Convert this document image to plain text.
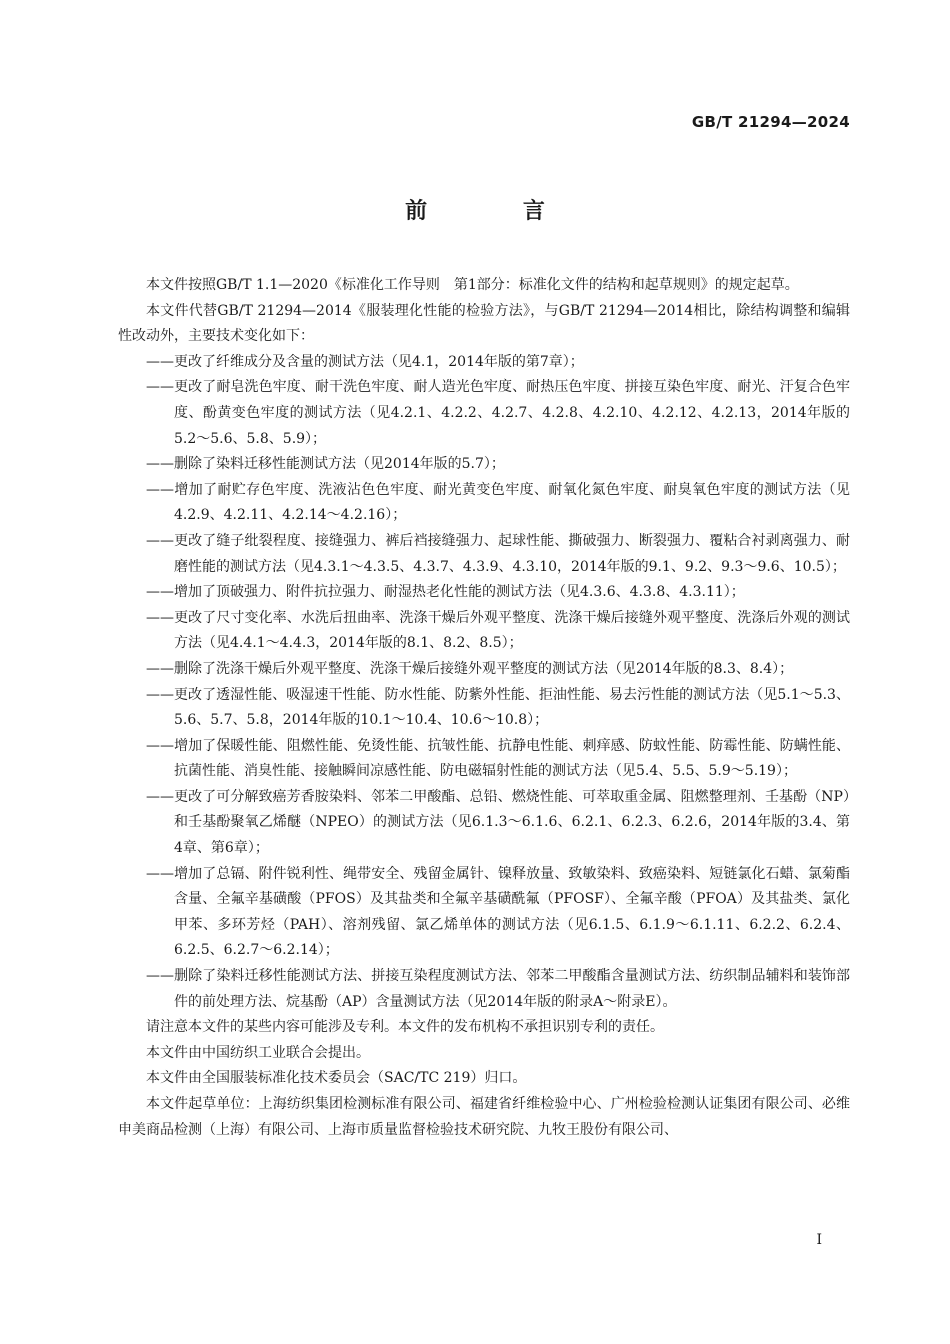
GB/T 21294—2024
前 言

本文件按照GB/T 1.1—2020《标准化工作导则　第1部分：标准化文件的结构和起草规则》的规定起草。

本文件代替GB/T 21294—2014《服装理化性能的检验方法》，与GB/T 21294—2014相比，除结构调整和编辑性改动外，主要技术变化如下：

——更改了纤维成分及含量的测试方法（见4.1，2014年版的第7章）；
——更改了耐皂洗色牢度、耐干洗色牢度、耐人造光色牢度、耐热压色牢度、拼接互染色牢度、耐光、汗复合色牢度、酚黄变色牢度的测试方法（见4.2.1、4.2.2、4.2.7、4.2.8、4.2.10、4.2.12、4.2.13，2014年版的5.2～5.6、5.8、5.9）；
——删除了染料迁移性能测试方法（见2014年版的5.7）；
——增加了耐贮存色牢度、洗液沾色色牢度、耐光黄变色牢度、耐氧化氮色牢度、耐臭氧色牢度的测试方法（见4.2.9、4.2.11、4.2.14～4.2.16）；
——更改了缝子纰裂程度、接缝强力、裤后裆接缝强力、起球性能、撕破强力、断裂强力、覆粘合衬剥离强力、耐磨性能的测试方法（见4.3.1～4.3.5、4.3.7、4.3.9、4.3.10，2014年版的9.1、9.2、9.3～9.6、10.5）；
——增加了顶破强力、附件抗拉强力、耐湿热老化性能的测试方法（见4.3.6、4.3.8、4.3.11）；
——更改了尺寸变化率、水洗后扭曲率、洗涤干燥后外观平整度、洗涤干燥后接缝外观平整度、洗涤后外观的测试方法（见4.4.1～4.4.3，2014年版的8.1、8.2、8.5）；
——删除了洗涤干燥后外观平整度、洗涤干燥后接缝外观平整度的测试方法（见2014年版的8.3、8.4）；
——更改了透湿性能、吸湿速干性能、防水性能、防紫外性能、拒油性能、易去污性能的测试方法（见5.1～5.3、5.6、5.7、5.8，2014年版的10.1～10.4、10.6～10.8）；
——增加了保暖性能、阻燃性能、免烫性能、抗皱性能、抗静电性能、刺痒感、防蚊性能、防霉性能、防螨性能、抗菌性能、消臭性能、接触瞬间凉感性能、防电磁辐射性能的测试方法（见5.4、5.5、5.9～5.19）；
——更改了可分解致癌芳香胺染料、邻苯二甲酸酯、总铅、燃烧性能、可萃取重金属、阻燃整理剂、壬基酚（NP）和壬基酚聚氧乙烯醚（NPEO）的测试方法（见6.1.3～6.1.6、6.2.1、6.2.3、6.2.6，2014年版的3.4、第4章、第6章）；
——增加了总镉、附件锐利性、绳带安全、残留金属针、镍释放量、致敏染料、致癌染料、短链氯化石蜡、氯菊酯含量、全氟辛基磺酸（PFOS）及其盐类和全氟辛基磺酰氟（PFOSF）、全氟辛酸（PFOA）及其盐类、氯化甲苯、多环芳烃（PAH）、溶剂残留、氯乙烯单体的测试方法（见6.1.5、6.1.9～6.1.11、6.2.2、6.2.4、6.2.5、6.2.7～6.2.14）；
——删除了染料迁移性能测试方法、拼接互染程度测试方法、邻苯二甲酸酯含量测试方法、纺织制品辅料和装饰部件的前处理方法、烷基酚（AP）含量测试方法（见2014年版的附录A～附录E）。

请注意本文件的某些内容可能涉及专利。本文件的发布机构不承担识别专利的责任。

本文件由中国纺织工业联合会提出。

本文件由全国服装标准化技术委员会（SAC/TC 219）归口。

本文件起草单位：上海纺织集团检测标准有限公司、福建省纤维检验中心、广州检验检测认证集团有限公司、必维申美商品检测（上海）有限公司、上海市质量监督检验技术研究院、九牧王股份有限公司、

I
